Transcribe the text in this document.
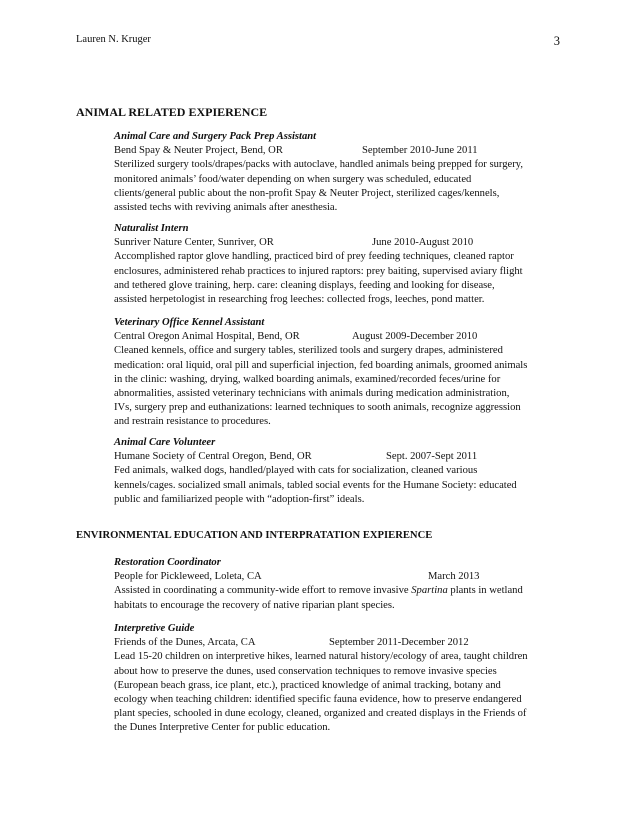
Lauren N. Kruger	3
ANIMAL RELATED EXPIERENCE
Animal Care and Surgery Pack Prep Assistant
Bend Spay & Neuter Project, Bend, OR	September 2010-June 2011
Sterilized surgery tools/drapes/packs with autoclave, handled animals being prepped for surgery,
monitored animals’ food/water depending on when surgery was scheduled, educated
clients/general public about the non-profit Spay & Neuter Project, sterilized cages/kennels,
assisted techs with reviving animals after anesthesia.
Naturalist Intern
Sunriver Nature Center, Sunriver, OR	June 2010-August 2010
Accomplished raptor glove handling, practiced bird of prey feeding techniques, cleaned raptor
enclosures, administered rehab practices to injured raptors: prey baiting, supervised aviary flight
and tethered glove training, herp. care: cleaning displays, feeding and looking for disease,
assisted herpetologist in researching frog leeches: collected frogs, leeches, pond matter.
Veterinary Office Kennel Assistant
Central Oregon Animal Hospital, Bend, OR	August 2009-December 2010
Cleaned kennels, office and surgery tables, sterilized tools and surgery drapes, administered
medication: oral liquid, oral pill and superficial injection, fed boarding animals, groomed animals
in the clinic: washing, drying, walked boarding animals, examined/recorded feces/urine for
abnormalities, assisted veterinary technicians with animals during medication administration,
IVs, surgery prep and euthanizations: learned techniques to sooth animals, recognize aggression
and restrain resistance to procedures.
Animal Care Volunteer
Humane Society of Central Oregon, Bend, OR	Sept. 2007-Sept 2011
Fed animals, walked dogs, handled/played with cats for socialization, cleaned various
kennels/cages. socialized small animals, tabled social events for the Humane Society: educated
public and familiarized people with “adoption-first” ideals.
ENVIRONMENTAL EDUCATION AND INTERPRATATION EXPIERENCE
Restoration Coordinator
People for Pickleweed, Loleta, CA	March 2013
Assisted in coordinating a community-wide effort to remove invasive Spartina plants in wetland
habitats to encourage the recovery of native riparian plant species.
Interpretive Guide
Friends of the Dunes, Arcata, CA	September 2011-December 2012
Lead 15-20 children on interpretive hikes, learned natural history/ecology of area, taught children
about how to preserve the dunes, used conservation techniques to remove invasive species
(European beach grass, ice plant, etc.), practiced knowledge of animal tracking, botany and
ecology when teaching children: identified specific fauna evidence, how to preserve endangered
plant species, schooled in dune ecology, cleaned, organized and created displays in the Friends of
the Dunes Interpretive Center for public education.
